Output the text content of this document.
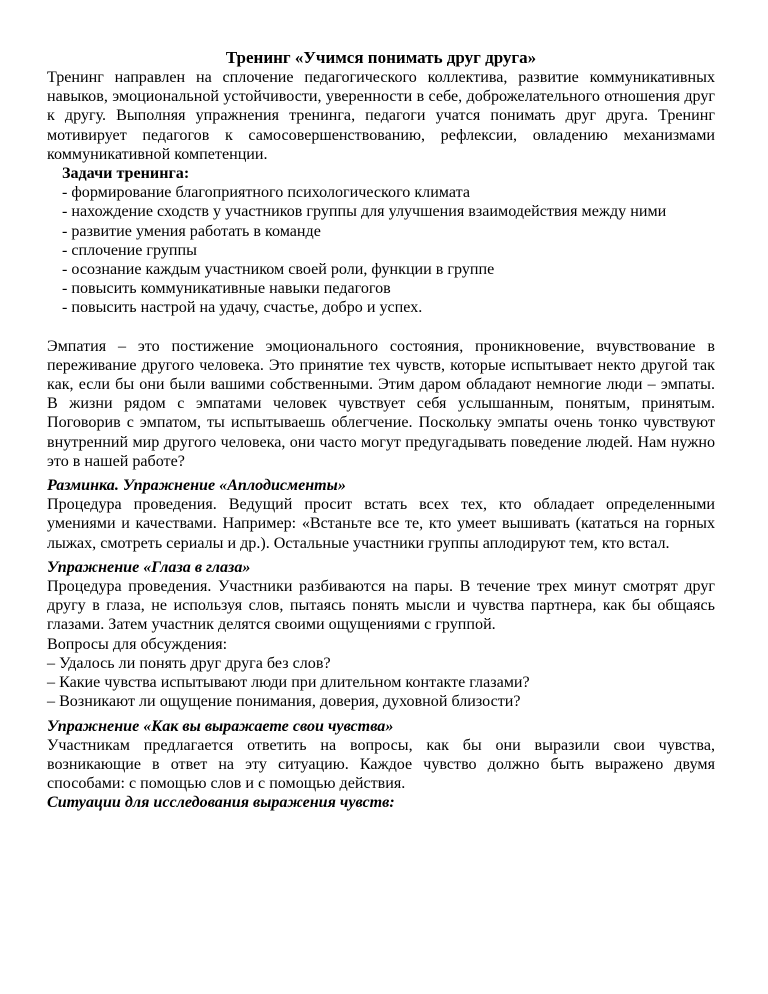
Тренинг «Учимся понимать друг друга»

Тренинг направлен на сплочение педагогического коллектива, развитие коммуникативных навыков, эмоциональной устойчивости, уверенности в себе, доброжелательного отношения друг к другу. Выполняя упражнения тренинга, педагоги учатся понимать друг друга. Тренинг мотивирует педагогов к самосовершенствованию, рефлексии, овладению механизмами коммуникативной компетенции.

Задачи тренинга:

- формирование благоприятного психологического климата

- нахождение сходств у участников группы для улучшения взаимодействия между ними

- развитие умения работать в команде

- сплочение группы

- осознание каждым участником своей роли, функции в группе

- повысить коммуникативные навыки педагогов

- повысить настрой на удачу, счастье, добро и успех.

Эмпатия – это постижение эмоционального состояния, проникновение, вчувствование в переживание другого человека. Это принятие тех чувств, которые испытывает некто другой так как, если бы они были вашими собственными. Этим даром обладают немногие люди – эмпаты. В жизни рядом с эмпатами человек чувствует себя услышанным, понятым, принятым. Поговорив с эмпатом, ты испытываешь облегчение. Поскольку эмпаты очень тонко чувствуют внутренний мир другого человека, они часто могут предугадывать поведение людей. Нам нужно это в нашей работе?

Разминка. Упражнение «Аплодисменты»

Процедура проведения. Ведущий просит встать всех тех, кто обладает определенными умениями и качествами. Например: «Встаньте все те, кто умеет вышивать (кататься на горных лыжах, смотреть сериалы и др.). Остальные участники группы аплодируют тем, кто встал.

Упражнение «Глаза в глаза»

Процедура проведения. Участники разбиваются на пары. В течение трех минут смотрят друг другу в глаза, не используя слов, пытаясь понять мысли и чувства партнера, как бы общаясь глазами. Затем участник делятся своими ощущениями с группой.

Вопросы для обсуждения:

– Удалось ли понять друг друга без слов?

– Какие чувства испытывают люди при длительном контакте глазами?

– Возникают ли ощущение понимания, доверия, духовной близости?

Упражнение «Как вы выражаете свои чувства»

Участникам предлагается ответить на вопросы, как бы они выразили свои чувства, возникающие в ответ на эту ситуацию. Каждое чувство должно быть выражено двумя способами: с помощью слов и с помощью действия.

Ситуации для исследования выражения чувств:
